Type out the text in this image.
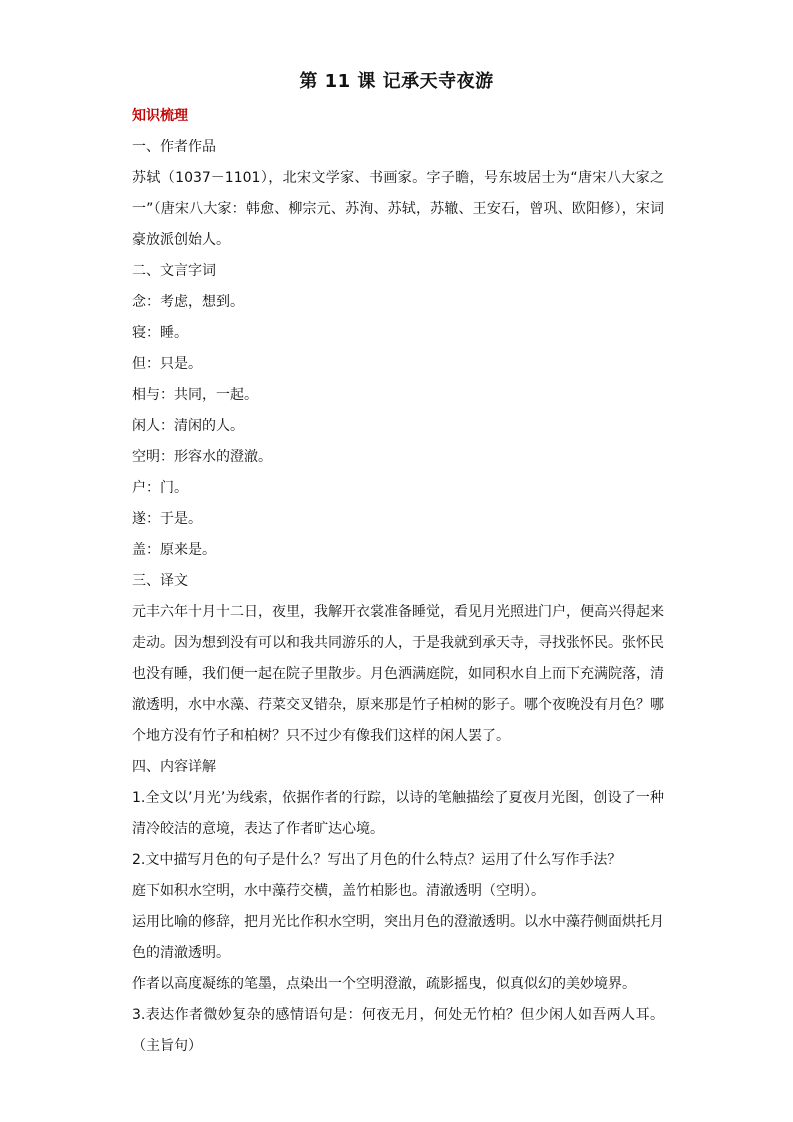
第 11 课 记承天寺夜游

知识梳理

一、作者作品

苏轼（1037－1101），北宋文学家、书画家。字子瞻，号东坡居士为“唐宋八大家之一”（唐宋八大家：韩愈、柳宗元、苏洵、苏轼，苏辙、王安石，曾巩、欧阳修），宋词豪放派创始人。

二、文言字词

念：考虑，想到。

寝：睡。

但：只是。

相与：共同，一起。

闲人：清闲的人。

空明：形容水的澄澈。

户：门。

遂：于是。

盖：原来是。

三、译文

元丰六年十月十二日，夜里，我解开衣裳准备睡觉，看见月光照进门户，便高兴得起来走动。因为想到没有可以和我共同游乐的人，于是我就到承天寺，寻找张怀民。张怀民也没有睡，我们便一起在院子里散步。月色洒满庭院，如同积水自上而下充满院落，清澈透明，水中水藻、荇菜交叉错杂，原来那是竹子柏树的影子。哪个夜晚没有月色？哪个地方没有竹子和柏树？只不过少有像我们这样的闲人罢了。

四、内容详解

1.全文以’月光’为线索，依据作者的行踪，以诗的笔触描绘了夏夜月光图，创设了一种清冷皎洁的意境，表达了作者旷达心境。

2.文中描写月色的句子是什么？写出了月色的什么特点？运用了什么写作手法？

庭下如积水空明，水中藻荇交横，盖竹柏影也。清澈透明（空明）。

运用比喻的修辞，把月光比作积水空明，突出月色的澄澈透明。以水中藻荇侧面烘托月色的清澈透明。

作者以高度凝练的笔墨，点染出一个空明澄澈，疏影摇曳，似真似幻的美妙境界。

3.表达作者微妙复杂的感情语句是：何夜无月，何处无竹柏？但少闲人如吾两人耳。（主旨句）
